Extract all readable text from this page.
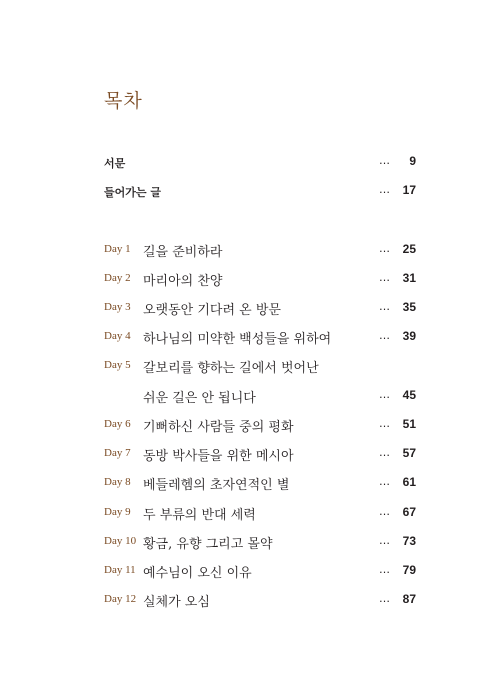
목차
서문	… 9
들어가는 글	… 17
Day 1 길을 준비하라	… 25
Day 2 마리아의 찬양	… 31
Day 3 오랫동안 기다려 온 방문	… 35
Day 4 하나님의 미약한 백성들을 위하여	… 39
Day 5 갈보리를 향하는 길에서 벗어난
쉬운 길은 안 됩니다	… 45
Day 6 기뻐하신 사람들 중의 평화	… 51
Day 7 동방 박사들을 위한 메시아	… 57
Day 8 베들레헴의 초자연적인 별	… 61
Day 9 두 부류의 반대 세력	… 67
Day 10 황금, 유향 그리고 몰약	… 73
Day 11 예수님이 오신 이유	… 79
Day 12 실체가 오심	… 87
